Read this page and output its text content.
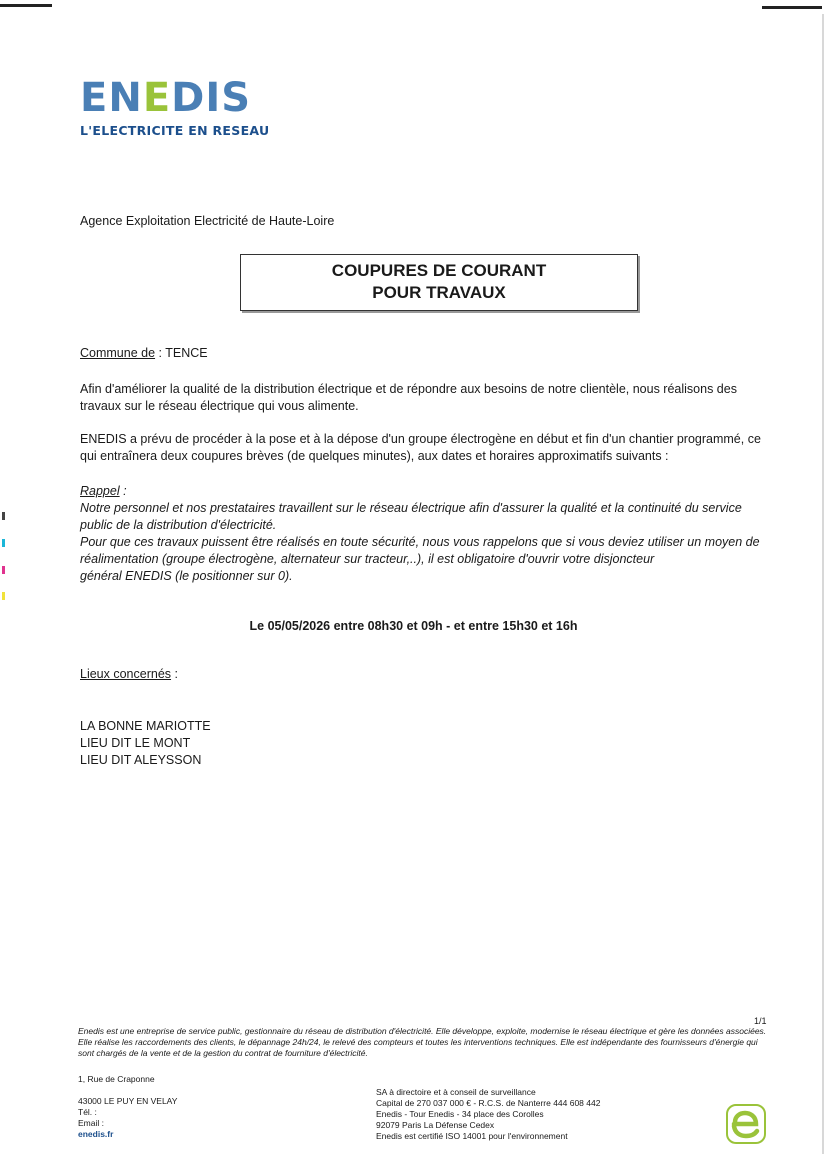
ENEDIS
L'ELECTRICITE EN RESEAU
Agence Exploitation Electricité de Haute-Loire
COUPURES DE COURANT
POUR TRAVAUX
Commune de : TENCE
Afin d'améliorer la qualité de la distribution électrique et de répondre aux besoins de notre clientèle, nous réalisons des travaux sur le réseau électrique qui vous alimente.
ENEDIS a prévu de procéder à la pose et à la dépose d'un groupe électrogène en début et fin d'un chantier programmé, ce qui entraînera deux coupures brèves (de quelques minutes), aux dates et horaires approximatifs suivants :
Rappel :
Notre personnel et nos prestataires travaillent sur le réseau électrique afin d'assurer la qualité et la continuité du service public de la distribution d'électricité.
Pour que ces travaux puissent être réalisés en toute sécurité, nous vous rappelons que si vous deviez utiliser un moyen de réalimentation (groupe électrogène, alternateur sur tracteur,..), il est obligatoire d'ouvrir votre disjoncteur
général ENEDIS (le positionner sur 0).
Le 05/05/2026 entre 08h30 et 09h - et entre 15h30 et 16h
Lieux concernés :
LA BONNE MARIOTTE
LIEU DIT LE MONT
LIEU DIT ALEYSSON
1/1
Enedis est une entreprise de service public, gestionnaire du réseau de distribution d'électricité. Elle développe, exploite, modernise le réseau électrique et gère les données associées. Elle réalise les raccordements des clients, le dépannage 24h/24, le relevé des compteurs et toutes les interventions techniques. Elle est indépendante des fournisseurs d'énergie qui sont chargés de la vente et de la gestion du contrat de fourniture d'électricité.
1, Rue de Craponne
43000 LE PUY EN VELAY
Tél. :
Email :
enedis.fr
SA à directoire et à conseil de surveillance
Capital de 270 037 000 € - R.C.S. de Nanterre 444 608 442
Enedis - Tour Enedis - 34 place des Corolles
92079 Paris La Défense Cedex
Enedis est certifié ISO 14001 pour l'environnement
